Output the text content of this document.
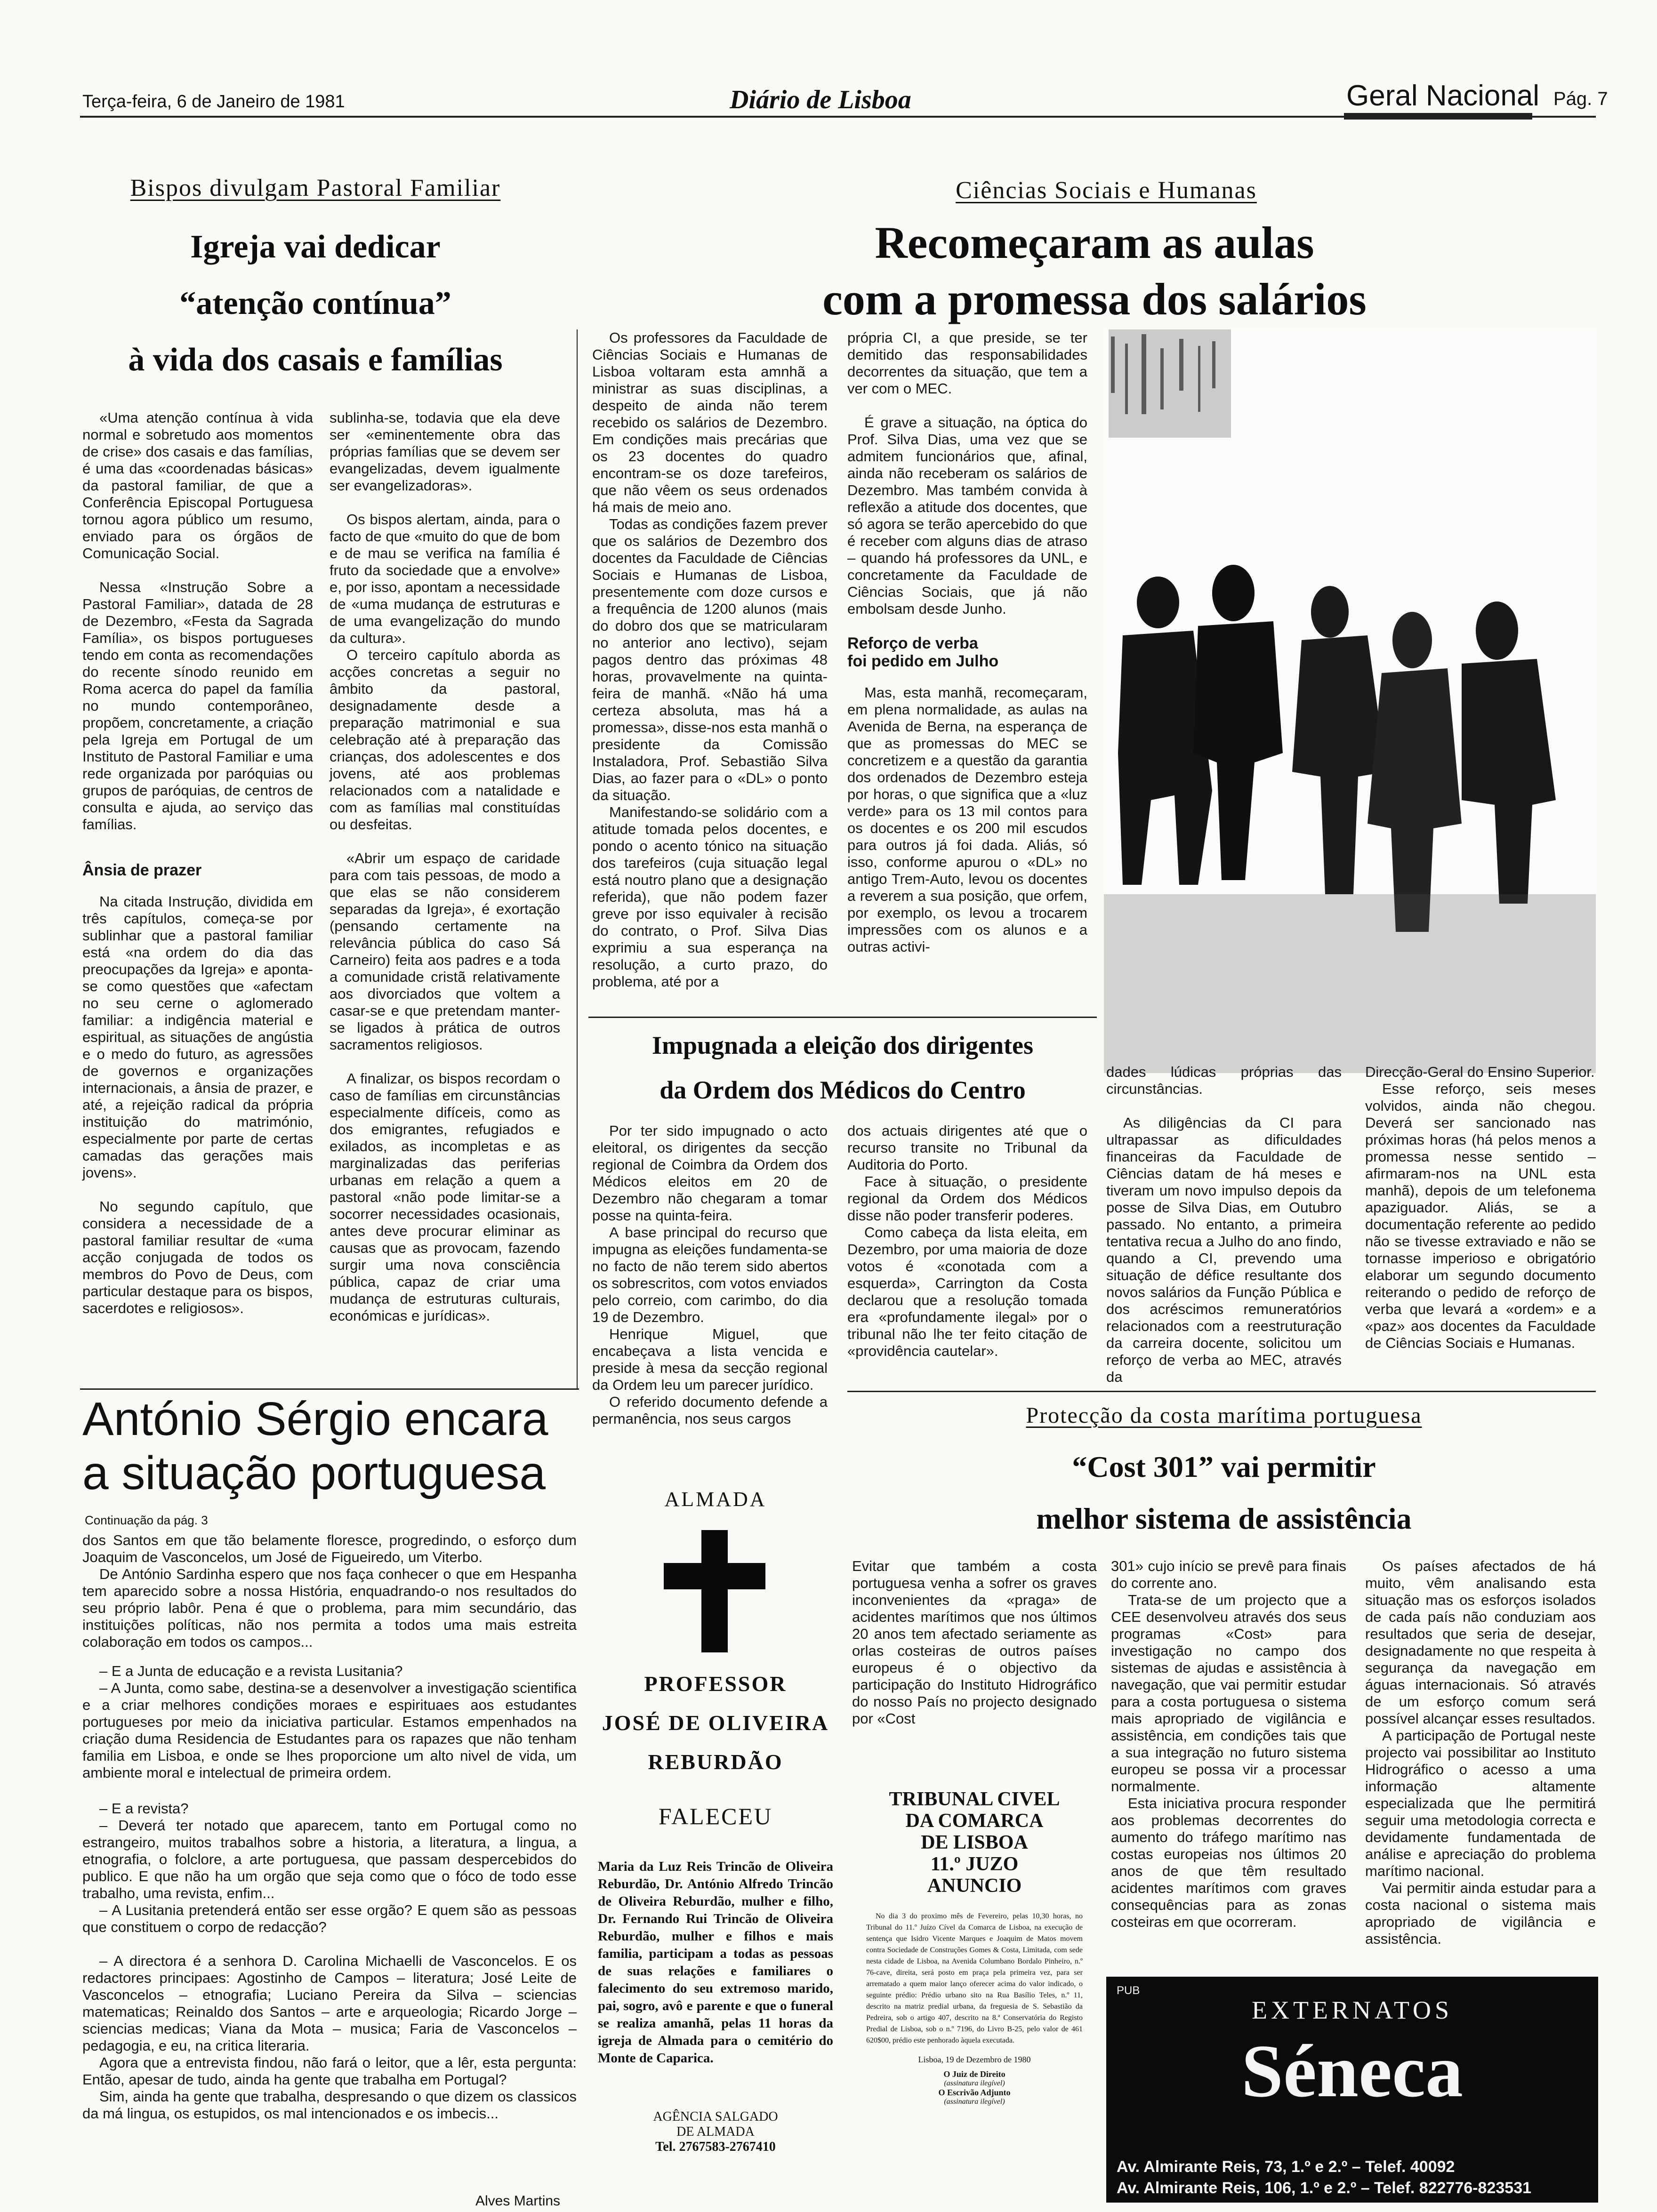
Terça-feira, 6 de Janeiro de 1981	Diário de Lisboa	Geral Nacional Pág. 7
Bispos divulgam Pastoral Familiar
Igreja vai dedicar
“atenção contínua”
à vida dos casais e famílias

«Uma atenção contínua à vida normal e sobretudo aos momentos de crise» dos casais e das famílias, é uma das «coordenadas básicas» da pastoral familiar, de que a Conferência Episcopal Portuguesa tornou agora público um resumo, enviado para os órgãos de Comunicação Social.

Nessa «Instrução Sobre a Pastoral Familiar», datada de 28 de Dezembro, «Festa da Sagrada Família», os bispos portugueses tendo em conta as recomendações do recente sínodo reunido em Roma acerca do papel da família no mundo contemporâneo, propõem, concretamente, a criação pela Igreja em Portugal de um Instituto de Pastoral Familiar e uma rede organizada por paróquias ou grupos de paróquias, de centros de consulta e ajuda, ao serviço das famílias.

Ânsia de prazer

Na citada Instrução, dividida em três capítulos, começa-se por sublinhar que a pastoral familiar está «na ordem do dia das preocupações da Igreja» e aponta-se como questões que «afectam no seu cerne o aglomerado familiar: a indigência material e espiritual, as situações de angústia e o medo do futuro, as agressões de governos e organizações internacionais, a ânsia de prazer, e até, a rejeição radical da própria instituição do matrimónio, especialmente por parte de certas camadas das gerações mais jovens».

No segundo capítulo, que considera a necessidade de a pastoral familiar resultar de «uma acção conjugada de todos os membros do Povo de Deus, com particular destaque para os bispos, sacerdotes e religiosos».

sublinha-se, todavia que ela deve ser «eminentemente obra das próprias famílias que se devem ser evangelizadas, devem igualmente ser evangelizadoras».

Os bispos alertam, ainda, para o facto de que «muito do que de bom e de mau se verifica na família é fruto da sociedade que a envolve» e, por isso, apontam a necessidade de «uma mudança de estruturas e de uma evangelização do mundo da cultura».

O terceiro capítulo aborda as acções concretas a seguir no âmbito da pastoral, designadamente desde a preparação matrimonial e sua celebração até à preparação das crianças, dos adolescentes e dos jovens, até aos problemas relacionados com a natalidade e com as famílias mal constituídas ou desfeitas.

«Abrir um espaço de caridade para com tais pessoas, de modo a que elas se não considerem separadas da Igreja», é exortação (pensando certamente na relevância pública do caso Sá Carneiro) feita aos padres e a toda a comunidade cristã relativamente aos divorciados que voltem a casar-se e que pretendam manter-se ligados à prática de outros sacramentos religiosos.

A finalizar, os bispos recordam o caso de famílias em circunstâncias especialmente difíceis, como as dos emigrantes, refugiados e exilados, as incompletas e as marginalizadas das periferias urbanas em relação a quem a pastoral «não pode limitar-se a socorrer necessidades ocasionais, antes deve procurar eliminar as causas que as provocam, fazendo surgir uma nova consciência pública, capaz de criar uma mudança de estruturas culturais, económicas e jurídicas».

Ciências Sociais e Humanas
Recomeçaram as aulas
com a promessa dos salários

Os professores da Faculdade de Ciências Sociais e Humanas de Lisboa voltaram esta amnhã a ministrar as suas disciplinas, a despeito de ainda não terem recebido os salários de Dezembro. Em condições mais precárias que os 23 docentes do quadro encontram-se os doze tarefeiros, que não vêem os seus ordenados há mais de meio ano.

Todas as condições fazem prever que os salários de Dezembro dos docentes da Faculdade de Ciências Sociais e Humanas de Lisboa, presentemente com doze cursos e a frequência de 1200 alunos (mais do dobro dos que se matricularam no anterior ano lectivo), sejam pagos dentro das próximas 48 horas, provavelmente na quinta-feira de manhã. «Não há uma certeza absoluta, mas há a promessa», disse-nos esta manhã o presidente da Comissão Instaladora, Prof. Sebastião Silva Dias, ao fazer para o «DL» o ponto da situação.

Manifestando-se solidário com a atitude tomada pelos docentes, e pondo o acento tónico na situação dos tarefeiros (cuja situação legal está noutro plano que a designação referida), que não podem fazer greve por isso equivaler à recisão do contrato, o Prof. Silva Dias exprimiu a sua esperança na resolução, a curto prazo, do problema, até por a

própria CI, a que preside, se ter demitido das responsabilidades decorrentes da situação, que tem a ver com o MEC.

É grave a situação, na óptica do Prof. Silva Dias, uma vez que se admitem funcionários que, afinal, ainda não receberam os salários de Dezembro. Mas também convida à reflexão a atitude dos docentes, que só agora se terão apercebido do que é receber com alguns dias de atraso – quando há professores da UNL, e concretamente da Faculdade de Ciências Sociais, que já não embolsam desde Junho.

Reforço de verba
foi pedido em Julho

Mas, esta manhã, recomeçaram, em plena normalidade, as aulas na Avenida de Berna, na esperança de que as promessas do MEC se concretizem e a questão da garantia dos ordenados de Dezembro esteja por horas, o que significa que a «luz verde» para os 13 mil contos para os docentes e os 200 mil escudos para outros já foi dada. Aliás, só isso, conforme apurou o «DL» no antigo Trem-Auto, levou os docentes a reverem a sua posição, que orfem, por exemplo, os levou a trocarem impressões com os alunos e a outras activi-

Impugnada a eleição dos dirigentes
da Ordem dos Médicos do Centro

Por ter sido impugnado o acto eleitoral, os dirigentes da secção regional de Coimbra da Ordem dos Médicos eleitos em 20 de Dezembro não chegaram a tomar posse na quinta-feira.

A base principal do recurso que impugna as eleições fundamenta-se no facto de não terem sido abertos os sobrescritos, com votos enviados pelo correio, com carimbo, do dia 19 de Dezembro.

Henrique Miguel, que encabeçava a lista vencida e preside à mesa da secção regional da Ordem leu um parecer jurídico.

O referido documento defende a permanência, nos seus cargos

dos actuais dirigentes até que o recurso transite no Tribunal da Auditoria do Porto.

Face à situação, o presidente regional da Ordem dos Médicos disse não poder transferir poderes.

Como cabeça da lista eleita, em Dezembro, por uma maioria de doze votos é «conotada com a esquerda», Carrington da Costa declarou que a resolução tomada era «profundamente ilegal» por o tribunal não lhe ter feito citação de «providência cautelar».

dades lúdicas próprias das circunstâncias.

As diligências da CI para ultrapassar as dificuldades financeiras da Faculdade de Ciências datam de há meses e tiveram um novo impulso depois da posse de Silva Dias, em Outubro passado. No entanto, a primeira tentativa recua a Julho do ano findo, quando a CI, prevendo uma situação de défice resultante dos novos salários da Função Pública e dos acréscimos remuneratórios relacionados com a reestruturação da carreira docente, solicitou um reforço de verba ao MEC, através da

Direcção-Geral do Ensino Superior.

Esse reforço, seis meses volvidos, ainda não chegou. Deverá ser sancionado nas próximas horas (há pelos menos a promessa nesse sentido – afirmaram-nos na UNL esta manhã), depois de um telefonema apaziguador. Aliás, se a documentação referente ao pedido não se tivesse extraviado e não se tornasse imperioso e obrigatório elaborar um segundo documento reiterando o pedido de reforço de verba que levará a «ordem» e a «paz» aos docentes da Faculdade de Ciências Sociais e Humanas.

António Sérgio encara
a situação portuguesa
Continuação da pág. 3

dos Santos em que tão belamente floresce, progredindo, o esforço dum Joaquim de Vasconcelos, um José de Figueiredo, um Viterbo.

De António Sardinha espero que nos faça conhecer o que em Hespanha tem aparecido sobre a nossa História, enquadrando-o nos resultados do seu próprio labôr. Pena é que o problema, para mim secundário, das instituições políticas, não nos permita a todos uma mais estreita colaboração em todos os campos...

– E a Junta de educação e a revista Lusitania?

– A Junta, como sabe, destina-se a desenvolver a investigação scientifica e a criar melhores condições moraes e espirituaes aos estudantes portugueses por meio da iniciativa particular. Estamos empenhados na criação duma Residencia de Estudantes para os rapazes que não tenham familia em Lisboa, e onde se lhes proporcione um alto nivel de vida, um ambiente moral e intelectual de primeira ordem.

– E a revista?

– Deverá ter notado que aparecem, tanto em Portugal como no estrangeiro, muitos trabalhos sobre a historia, a literatura, a lingua, a etnografia, o folclore, a arte portuguesa, que passam despercebidos do publico. E que não ha um orgão que seja como que o fóco de todo esse trabalho, uma revista, enfim...

– A Lusitania pretenderá então ser esse orgão? E quem são as pessoas que constituem o corpo de redacção?

– A directora é a senhora D. Carolina Michaelli de Vasconcelos. E os redactores principaes: Agostinho de Campos – literatura; José Leite de Vasconcelos – etnografia; Luciano Pereira da Silva – sciencias matematicas; Reinaldo dos Santos – arte e arqueologia; Ricardo Jorge – sciencias medicas; Viana da Mota – musica; Faria de Vasconcelos – pedagogia, e eu, na critica literaria.

Agora que a entrevista findou, não fará o leitor, que a lêr, esta pergunta: Então, apesar de tudo, ainda ha gente que trabalha em Portugal?

Sim, ainda ha gente que trabalha, despresando o que dizem os classicos da má lingua, os estupidos, os mal intencionados e os imbecis...

Alves Martins
ALMADA
PROFESSOR
JOSÉ DE OLIVEIRA
REBURDÃO
FALECEU
Maria da Luz Reis Trincão de Oliveira Reburdão, Dr. António Alfredo Trincão de Oliveira Reburdão, mulher e filho, Dr. Fernando Rui Trincão de Oliveira Reburdão, mulher e filhos e mais familia, participam a todas as pessoas de suas relações e familiares o falecimento do seu extremoso marido, pai, sogro, avô e parente e que o funeral se realiza amanhã, pelas 11 horas da igreja de Almada para o cemitério do Monte de Caparica.
AGÊNCIA SALGADO
DE ALMADA
Tel. 2767583-2767410
Protecção da costa marítima portuguesa
“Cost 301” vai permitir
melhor sistema de assistência

Evitar que também a costa portuguesa venha a sofrer os graves inconvenientes da «praga» de acidentes marítimos que nos últimos 20 anos tem afectado seriamente as orlas costeiras de outros países europeus é o objectivo da participação do Instituto Hidrográfico do nosso País no projecto designado por «Cost

301» cujo início se prevê para finais do corrente ano.

Trata-se de um projecto que a CEE desenvolveu através dos seus programas «Cost» para investigação no campo dos sistemas de ajudas e assistência à navegação, que vai permitir estudar para a costa portuguesa o sistema mais apropriado de vigilância e assistência, em condições tais que a sua integração no futuro sistema europeu se possa vir a processar normalmente.

Esta iniciativa procura responder aos problemas decorrentes do aumento do tráfego marítimo nas costas europeias nos últimos 20 anos de que têm resultado acidentes marítimos com graves consequências para as zonas costeiras em que ocorreram.

Os países afectados de há muito, vêm analisando esta situação mas os esforços isolados de cada país não conduziam aos resultados que seria de desejar, designadamente no que respeita à segurança da navegação em águas internacionais. Só através de um esforço comum será possível alcançar esses resultados.

A participação de Portugal neste projecto vai possibilitar ao Instituto Hidrográfico o acesso a uma informação altamente especializada que lhe permitirá seguir uma metodologia correcta e devidamente fundamentada de análise e apreciação do problema marítimo nacional.

Vai permitir ainda estudar para a costa nacional o sistema mais apropriado de vigilância e assistência.

TRIBUNAL CIVEL
DA COMARCA
DE LISBOA
11.º JUZO
ANUNCIO
No dia 3 do proximo mês de Fevereiro, pelas 10,30 horas, no Tribunal do 11.º Juízo Cível da Comarca de Lisboa, na execução de sentença que Isidro Vicente Marques e Joaquim de Matos movem contra Sociedade de Construções Gomes & Costa, Limitada, com sede nesta cidade de Lisboa, na Avenida Columbano Bordalo Pinheiro, n.º 76-cave, direita, será posto em praça pela primeira vez, para ser arrematado a quem maior lanço oferecer acima do valor indicado, o seguinte prédio: Prédio urbano sito na Rua Basílio Teles, n.º 11, descrito na matriz predial urbana, da freguesia de S. Sebastião da Pedreira, sob o artigo 407, descrito na 8.ª Conservatória do Registo Predial de Lisboa, sob o n.º 7196, do Livro B-25, pelo valor de 461 620$00, prédio este penhorado àquela executada.
Lisboa, 19 de Dezembro de 1980
O Juiz de Direito
(assinatura ilegível)
O Escrivão Adjunto
(assinatura ilegível)
PUB
EXTERNATOS
Séneca
Av. Almirante Reis, 73, 1.º e 2.º – Telef. 40092
Av. Almirante Reis, 106, 1.º e 2.º – Telef. 822776-823531
